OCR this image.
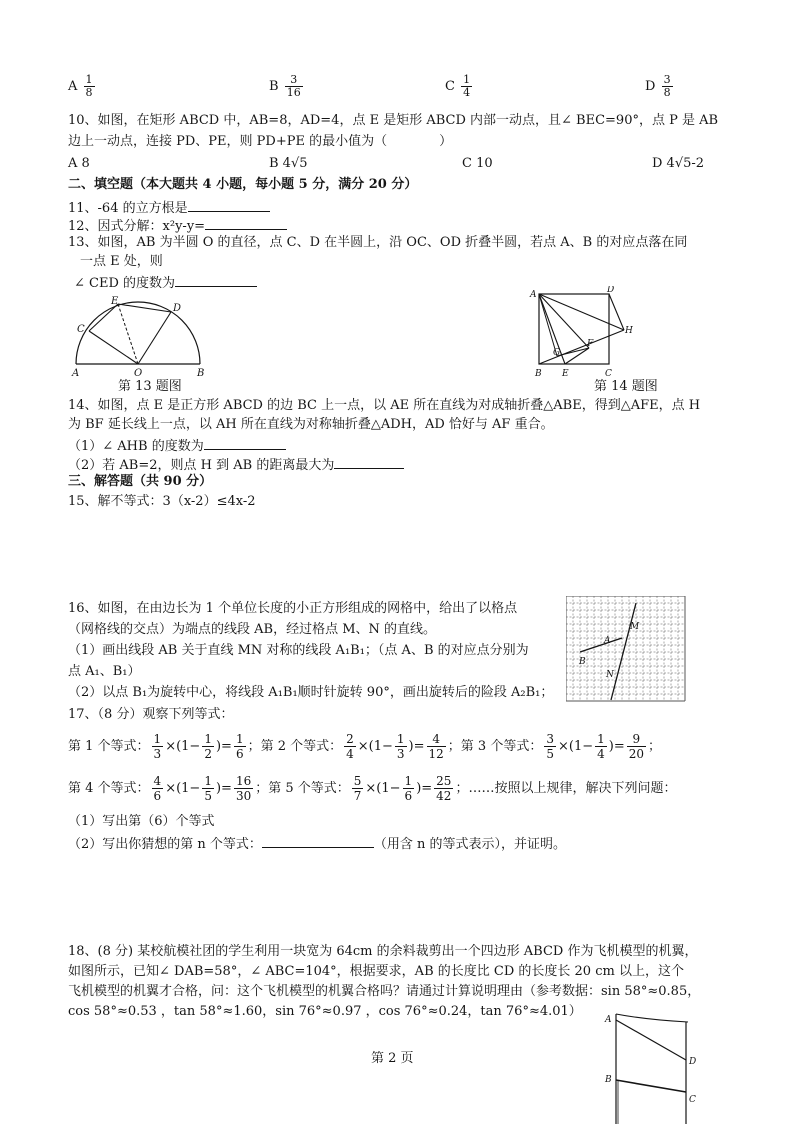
A $\frac{1}{8}$	B $\frac{3}{16}$	C $\frac{1}{4}$	D $\frac{3}{8}$
10、如图，在矩形 ABCD 中，AB=8，AD=4，点 E 是矩形 ABCD 内部一动点，且∠ BEC=90°，点 P 是 AB
边上一动点，连接 PD、PE，则 PD+PE 的最小值为（	）
A 8	B 4√5	C 10	D 4√5-2
二、填空题（本大题共 4 小题，每小题 5 分，满分 20 分）
11、-64 的立方根是
12、因式分解：x²y-y=
13、如图，AB 为半圆 O 的直径，点 C、D 在半圆上，沿 OC、OD 折叠半圆，若点 A、B 的对应点落在同
一点 E 处，则
∠ CED 的度数为
A	B
C
D
E
O
第 13 题图
A	D
H
B E	C
G
F
第 14 题图
14、如图，点 E 是正方形 ABCD 的边 BC 上一点，以 AE 所在直线为对成轴折叠△ABE，得到△AFE，点 H
为 BF 延长线上一点，以 AH 所在直线为对称轴折叠△ADH，AD 恰好与 AF 重合。
（1）∠ AHB 的度数为
（2）若 AB=2，则点 H 到 AB 的距离最大为
三、解答题（共 90 分）
15、解不等式：3（x-2）≤4x-2
16、如图，在由边长为 1 个单位长度的小正方形组成的网格中，给出了以格点
（网格线的交点）为端点的线段 AB，经过格点 M、N 的直线。
（1）画出线段 AB 关于直线 MN 对称的线段 A₁B₁；（点 A、B 的对应点分别为
点 A₁、B₁）
（2）以点 B₁为旋转中心，将线段 A₁B₁顺时针旋转 90°，画出旋转后的险段 A₂B₁；
A
B
M
N
17、（8 分）观察下列等式：
第 1 个等式： $\frac{1}{3} \times(1- \frac{1}{2}$ )= $\frac{1}{6}$ ；第 2 个等式： $\frac{2}{4} \times(1- \frac{1}{3}$ )= $\frac{4}{12}$ ；第 3 个等式： $\frac{3}{5} \times(1- \frac{1}{4}$ )= $\frac{9}{20}$ ；
第 4 个等式： $\frac{4}{6} \times(1- \frac{1}{5}$ )= $\frac{16}{30}$ ；第 5 个等式： $\frac{5}{7} \times(1- \frac{1}{6}$ )= $\frac{25}{42}$ ；……按照以上规律，解决下列问题：
（1）写出第（6）个等式
（2）写出你猜想的第 n 个等式：	（用含 n 的等式表示），并证明。
18、(8 分) 某校航模社团的学生利用一块宽为 64cm 的余料裁剪出一个四边形 ABCD 作为飞机模型的机翼，
如图所示，已知∠ DAB=58°，∠ ABC=104°，根据要求，AB 的长度比 CD 的长度长 20 cm 以上，这个
飞机模型的机翼才合格，问：这个飞机模型的机翼合格吗？请通过计算说明理由（参考数据：sin 58°≈0.85，
cos 58°≈0.53 ，tan 58°≈1.60，sin 76°≈0.97 ，cos 76°≈0.24，tan 76°≈4.01）
A
D
B
C
第 2 页
